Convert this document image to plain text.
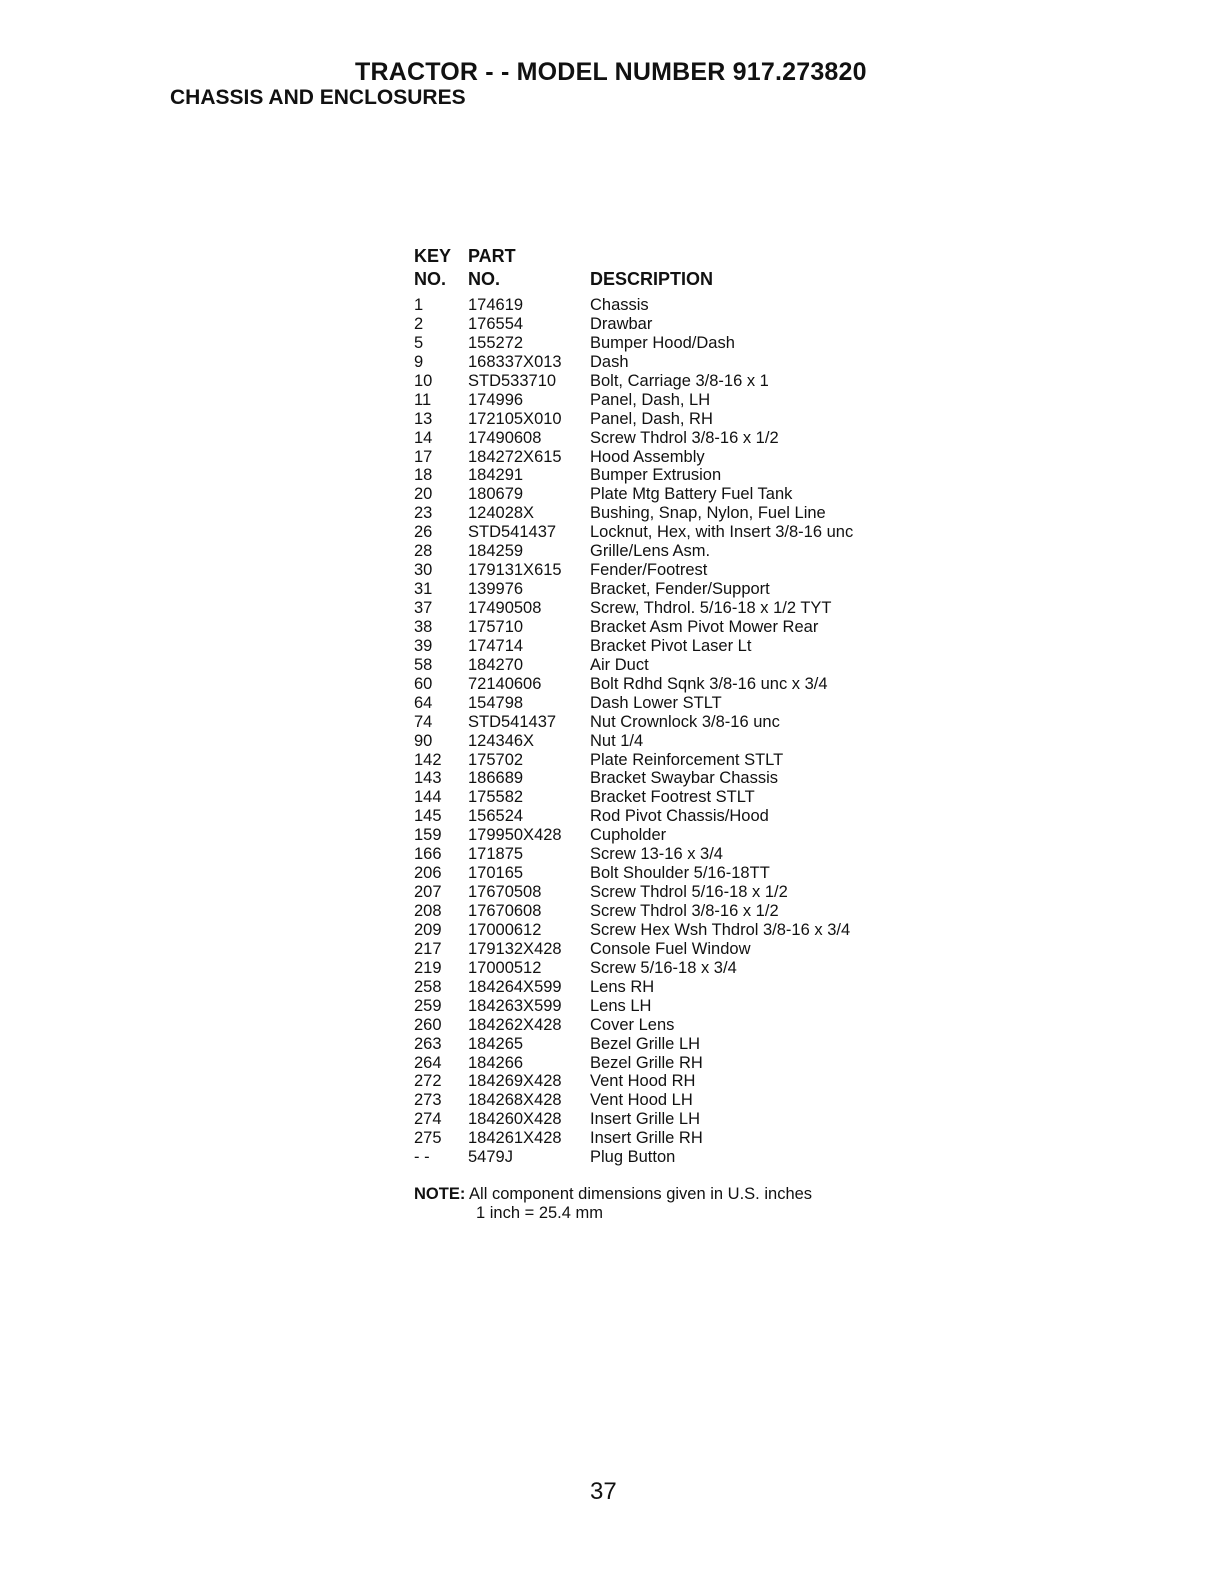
TRACTOR - - MODEL NUMBER 917.273820
CHASSIS AND ENCLOSURES
KEY PART
NO. NO.	DESCRIPTION
1	174619	Chassis
2	176554	Drawbar
5	155272	Bumper Hood/Dash
9	168337X013 Dash
10 STD533710 Bolt, Carriage 3/8-16 x 1
11 174996	Panel, Dash, LH
13 172105X010 Panel, Dash, RH
14 17490608	Screw Thdrol 3/8-16 x 1/2
17 184272X615 Hood Assembly
18 184291	Bumper Extrusion
20 180679	Plate Mtg Battery Fuel Tank
23 124028X	Bushing, Snap, Nylon, Fuel Line
26 STD541437 Locknut, Hex, with Insert 3/8-16 unc
28 184259	Grille/Lens Asm.
30 179131X615 Fender/Footrest
31 139976	Bracket, Fender/Support
37 17490508	Screw, Thdrol. 5/16-18 x 1/2 TYT
38 175710	Bracket Asm Pivot Mower Rear
39 174714	Bracket Pivot Laser Lt
58 184270	Air Duct
60 72140606	Bolt Rdhd Sqnk 3/8-16 unc x 3/4
64 154798	Dash Lower STLT
74 STD541437 Nut Crownlock 3/8-16 unc
90 124346X	Nut 1/4
142 175702	Plate Reinforcement STLT
143 186689	Bracket Swaybar Chassis
144 175582	Bracket Footrest STLT
145 156524	Rod Pivot Chassis/Hood
159 179950X428 Cupholder
166 171875	Screw 13-16 x 3/4
206 170165	Bolt Shoulder 5/16-18TT
207 17670508	Screw Thdrol 5/16-18 x 1/2
208 17670608	Screw Thdrol 3/8-16 x 1/2
209 17000612	Screw Hex Wsh Thdrol 3/8-16 x 3/4
217 179132X428 Console Fuel Window
219 17000512	Screw 5/16-18 x 3/4
258 184264X599 Lens RH
259 184263X599 Lens LH
260 184262X428 Cover Lens
263 184265	Bezel Grille LH
264 184266	Bezel Grille RH
272 184269X428 Vent Hood RH
273 184268X428 Vent Hood LH
274 184260X428 Insert Grille LH
275 184261X428 Insert Grille RH
- - 5479J	Plug Button
NOTE: All component dimensions given in U.S. inches
1 inch = 25.4 mm
37
